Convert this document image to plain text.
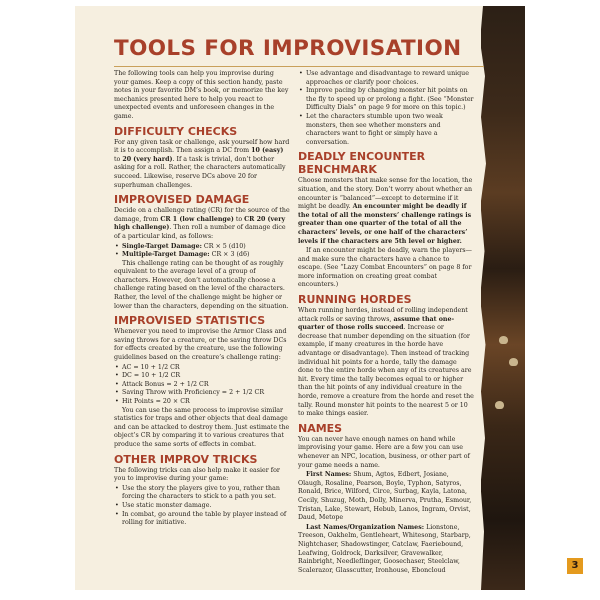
TOOLS FOR IMPROVISATION

The following tools can help you improvise during your games. Keep a copy of this section handy, paste notes in your favorite DM’s book, or memorize the key mechanics presented here to help you react to unexpected events and unforeseen changes in the game.

DIFFICULTY CHECKS

For any given task or challenge, ask yourself how hard it is to accomplish. Then assign a DC from 10 (easy) to 20 (very hard). If a task is trivial, don’t bother asking for a roll. Rather, the characters automatically succeed. Likewise, reserve DCs above 20 for superhuman challenges.

IMPROVISED DAMAGE

Decide on a challenge rating (CR) for the source of the damage, from CR 1 (low challenge) to CR 20 (very high challenge). Then roll a number of damage dice of a particular kind, as follows:

• Single-Target Damage: CR × 5 (d10)
• Multiple-Target Damage: CR × 3 (d6)

This challenge rating can be thought of as roughly equivalent to the average level of a group of characters. However, don’t automatically choose a challenge rating based on the level of the characters. Rather, the level of the challenge might be higher or lower than the characters, depending on the situation.

IMPROVISED STATISTICS

Whenever you need to improvise the Armor Class and saving throws for a creature, or the saving throw DCs for effects created by the creature, use the following guidelines based on the creature’s challenge rating:

• AC = 10 + 1/2 CR
• DC = 10 + 1/2 CR
• Attack Bonus = 2 + 1/2 CR
• Saving Throw with Proficiency = 2 + 1/2 CR
• Hit Points = 20 × CR

You can use the same process to improvise similar statistics for traps and other objects that deal damage and can be attacked to destroy them. Just estimate the object’s CR by comparing it to various creatures that produce the same sorts of effects in combat.

OTHER IMPROV TRICKS

The following tricks can also help make it easier for you to improvise during your game:

• Use the story the players give to you, rather than forcing the characters to stick to a path you set.
• Use static monster damage.
• In combat, go around the table by player instead of rolling for initiative.
• Use advantage and disadvantage to reward unique approaches or clarify poor choices.
• Improve pacing by changing monster hit points on the fly to speed up or prolong a fight. (See “Monster Difficulty Dials” on page 9 for more on this topic.)
• Let the characters stumble upon two weak monsters, then see whether monsters and characters want to fight or simply have a conversation.
DEADLY ENCOUNTER BENCHMARK

Choose monsters that make sense for the location, the situation, and the story. Don’t worry about whether an encounter is “balanced”—except to determine if it might be deadly. An encounter might be deadly if the total of all the monsters’ challenge ratings is greater than one quarter of the total of all the characters’ levels, or one half of the characters’ levels if the characters are 5th level or higher.

If an encounter might be deadly, warn the players—and make sure the characters have a chance to escape. (See “Lazy Combat Encounters” on page 8 for more information on creating great combat encounters.)

RUNNING HORDES

When running hordes, instead of rolling independent attack rolls or saving throws, assume that one-quarter of those rolls succeed. Increase or decrease that number depending on the situation (for example, if many creatures in the horde have advantage or disadvantage). Then instead of tracking individual hit points for a horde, tally the damage done to the entire horde when any of its creatures are hit. Every time the tally becomes equal to or higher than the hit points of any individual creature in the horde, remove a creature from the horde and reset the tally. Round monster hit points to the nearest 5 or 10 to make things easier.

NAMES

You can never have enough names on hand while improvising your game. Here are a few you can use whenever an NPC, location, business, or other part of your game needs a name.

First Names: Shum, Agtos, Edbert, Josiane, Olaugh, Rosaline, Pearson, Boyle, Typhon, Satyros, Ronald, Brice, Wilford, Circe, Surbag, Kayla, Latona, Cecily, Shuzug, Moth, Dolly, Minerva, Prutha, Esmour, Tristan, Lake, Stewart, Hebub, Lanos, Ingram, Orvist, Daud, Metope

Last Names/Organization Names: Lionstone, Treeson, Oakhelm, Gentleheart, Whitesong, Starbarp, Nightchaser, Shadowstinger, Catclaw, Faeriebound, Leafwing, Goldrock, Darksilver, Gravewalker, Rainbright, Needleflinger, Goosechaser, Steelclaw, Scalerazor, Glasscutter, Ironhouse, Eboncloud	3
